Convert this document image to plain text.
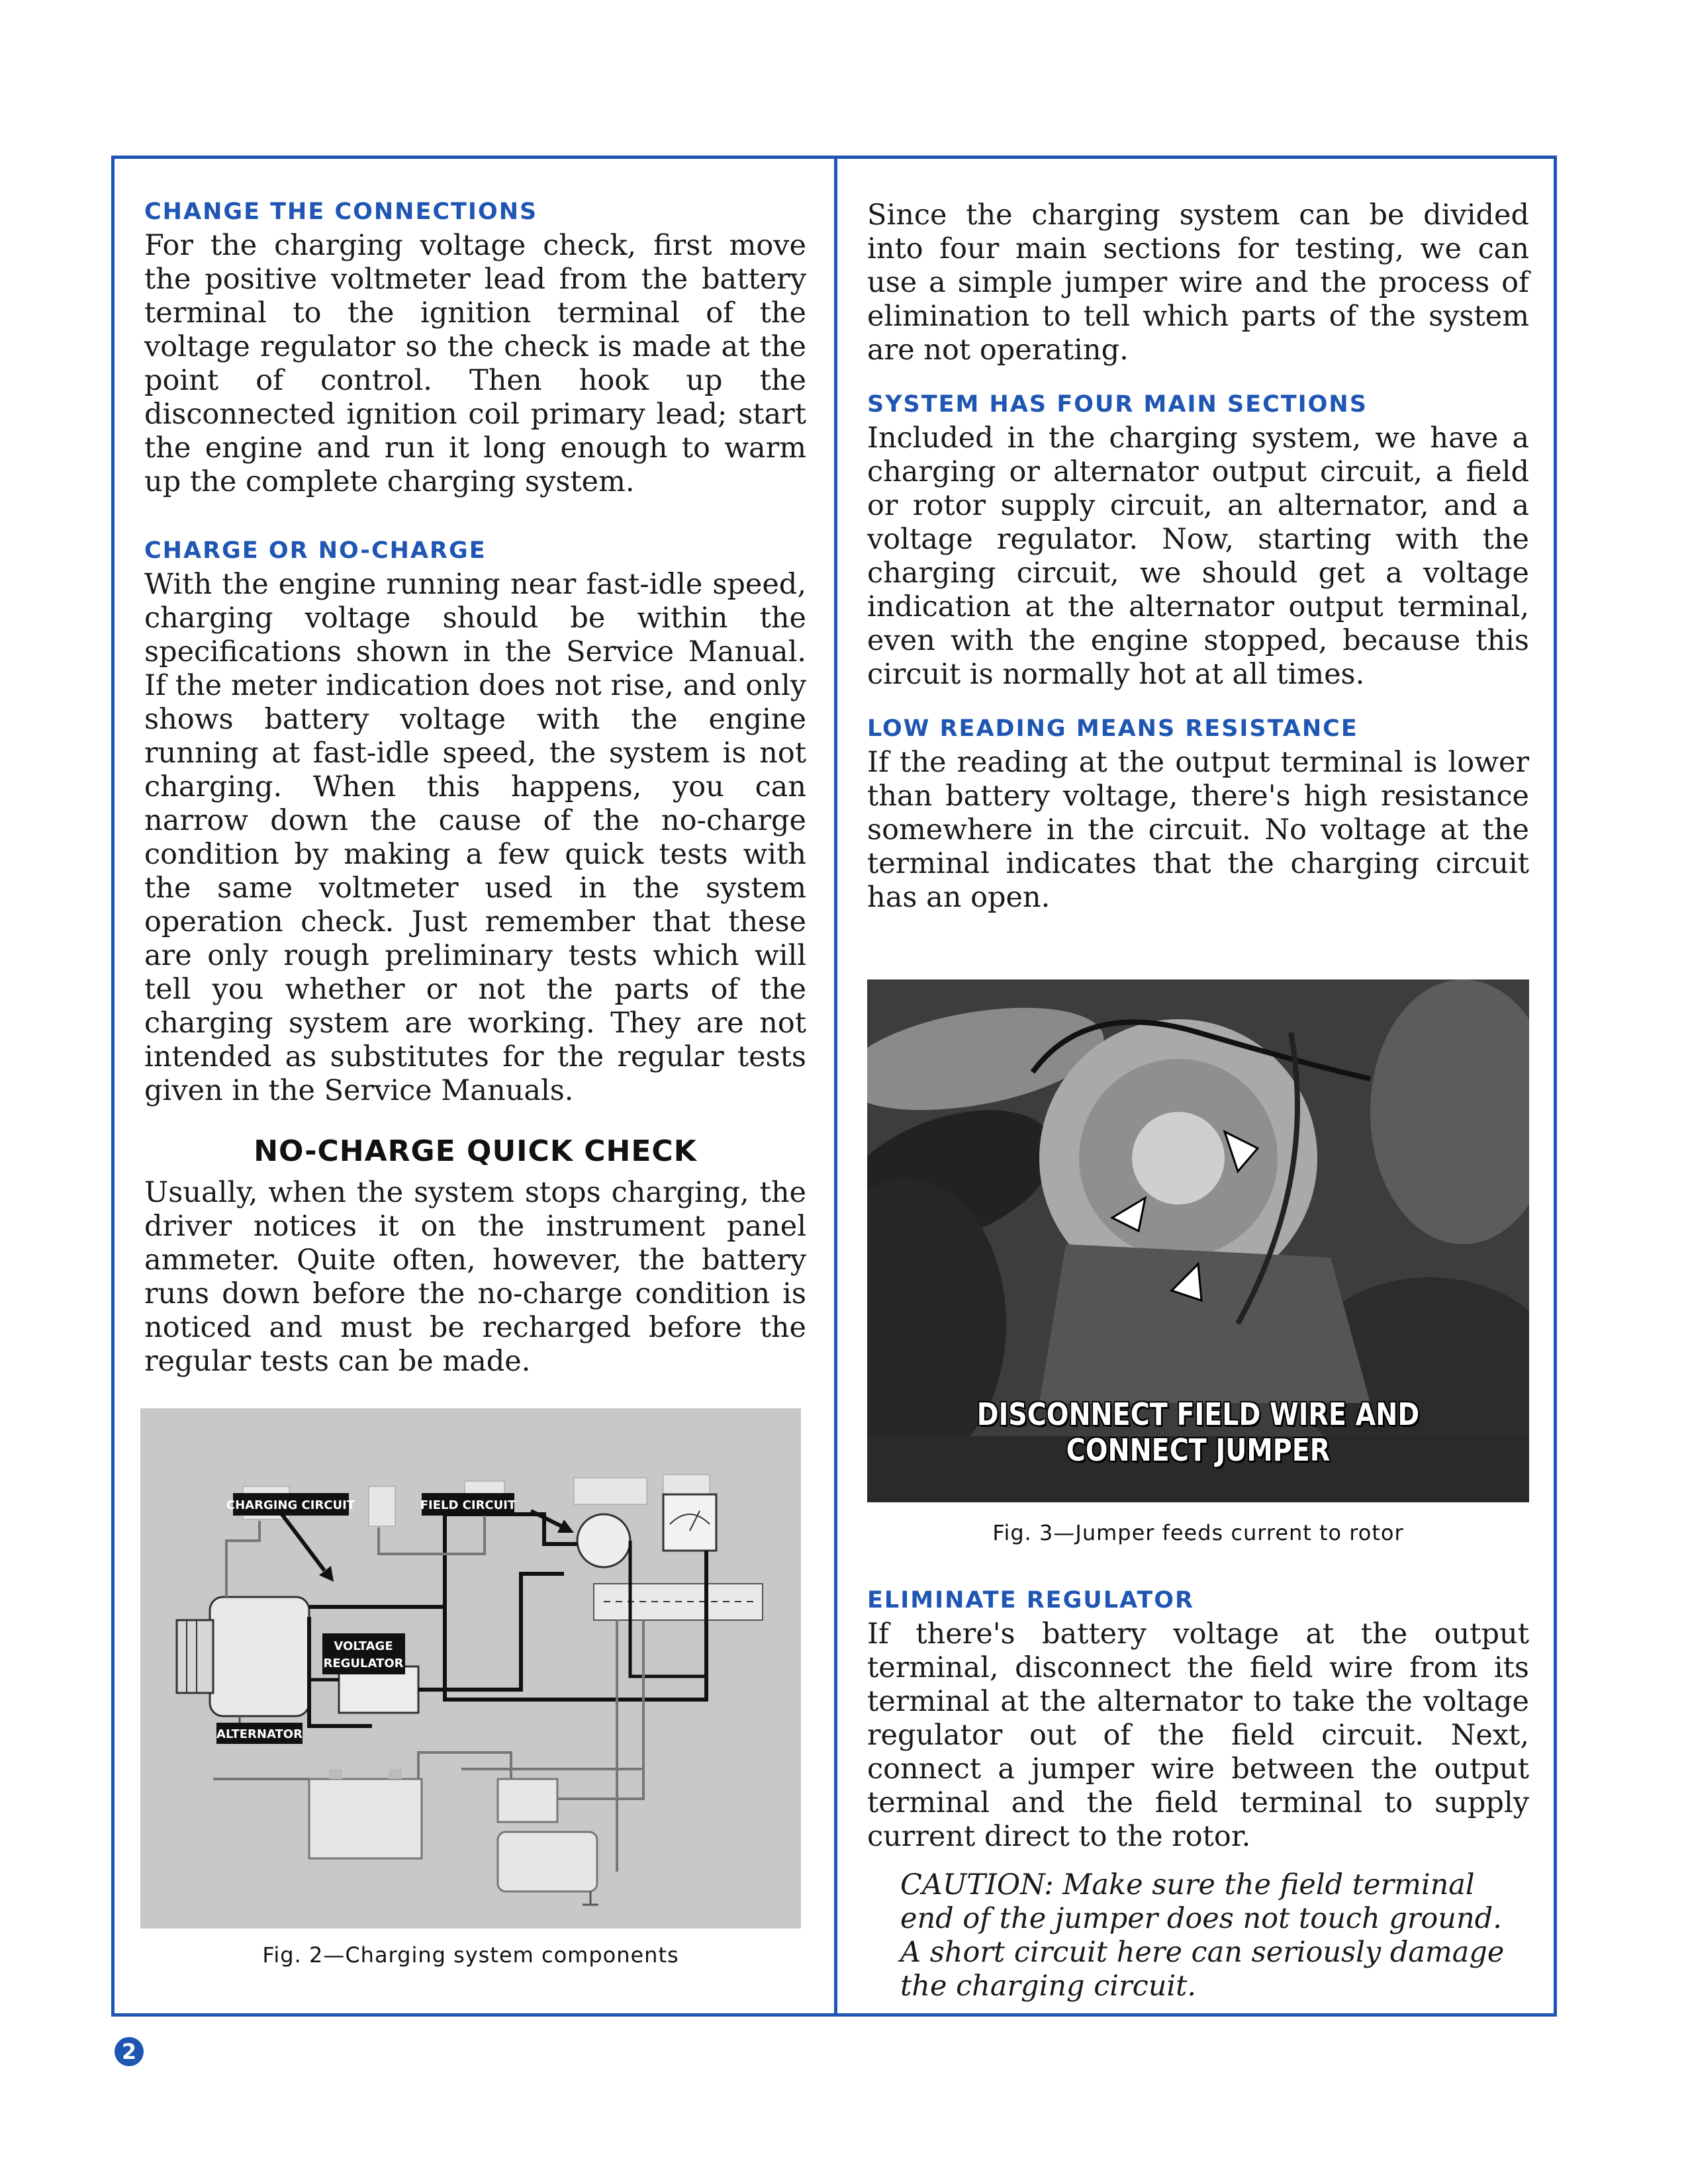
CHANGE THE CONNECTIONS

For the charging voltage check, first move the positive voltmeter lead from the battery terminal to the ignition terminal of the voltage regulator so the check is made at the point of control. Then hook up the disconnected ignition coil primary lead; start the engine and run it long enough to warm up the complete charging system.

CHARGE OR NO-CHARGE

With the engine running near fast-idle speed, charging voltage should be within the specifications shown in the Service Manual. If the meter indication does not rise, and only shows battery voltage with the engine running at fast-idle speed, the system is not charging. When this happens, you can narrow down the cause of the no-charge condition by making a few quick tests with the same voltmeter used in the system operation check. Just remember that these are only rough preliminary tests which will tell you whether or not the parts of the charging system are working. They are not intended as substitutes for the regular tests given in the Service Manuals.

NO-CHARGE QUICK CHECK

Usually, when the system stops charging, the driver notices it on the instrument panel ammeter. Quite often, however, the battery runs down before the no-charge condition is noticed and must be recharged before the regular tests can be made.

CHARGING CIRCUIT	FIELD CIRCUIT
VOLTAGE
REGULATOR
ALTERNATOR
Fig. 2—Charging system components

Since the charging system can be divided into four main sections for testing, we can use a simple jumper wire and the process of elimination to tell which parts of the system are not operating.

SYSTEM HAS FOUR MAIN SECTIONS

Included in the charging system, we have a charging or alternator output circuit, a field or rotor supply circuit, an alternator, and a voltage regulator. Now, starting with the charging circuit, we should get a voltage indication at the alternator output terminal, even with the engine stopped, because this circuit is normally hot at all times.

LOW READING MEANS RESISTANCE

If the reading at the output terminal is lower than battery voltage, there's high resistance somewhere in the circuit. No voltage at the terminal indicates that the charging circuit has an open.

DISCONNECT FIELD WIRE AND CONNECT JUMPER
Fig. 3—Jumper feeds current to rotor
ELIMINATE REGULATOR

If there's battery voltage at the output terminal, disconnect the field wire from its terminal at the alternator to take the voltage regulator out of the field circuit. Next, connect a jumper wire between the output terminal and the field terminal to supply current direct to the rotor.

CAUTION: Make sure the field terminal end of the jumper does not touch ground. A short circuit here can seriously damage the charging circuit.

2
